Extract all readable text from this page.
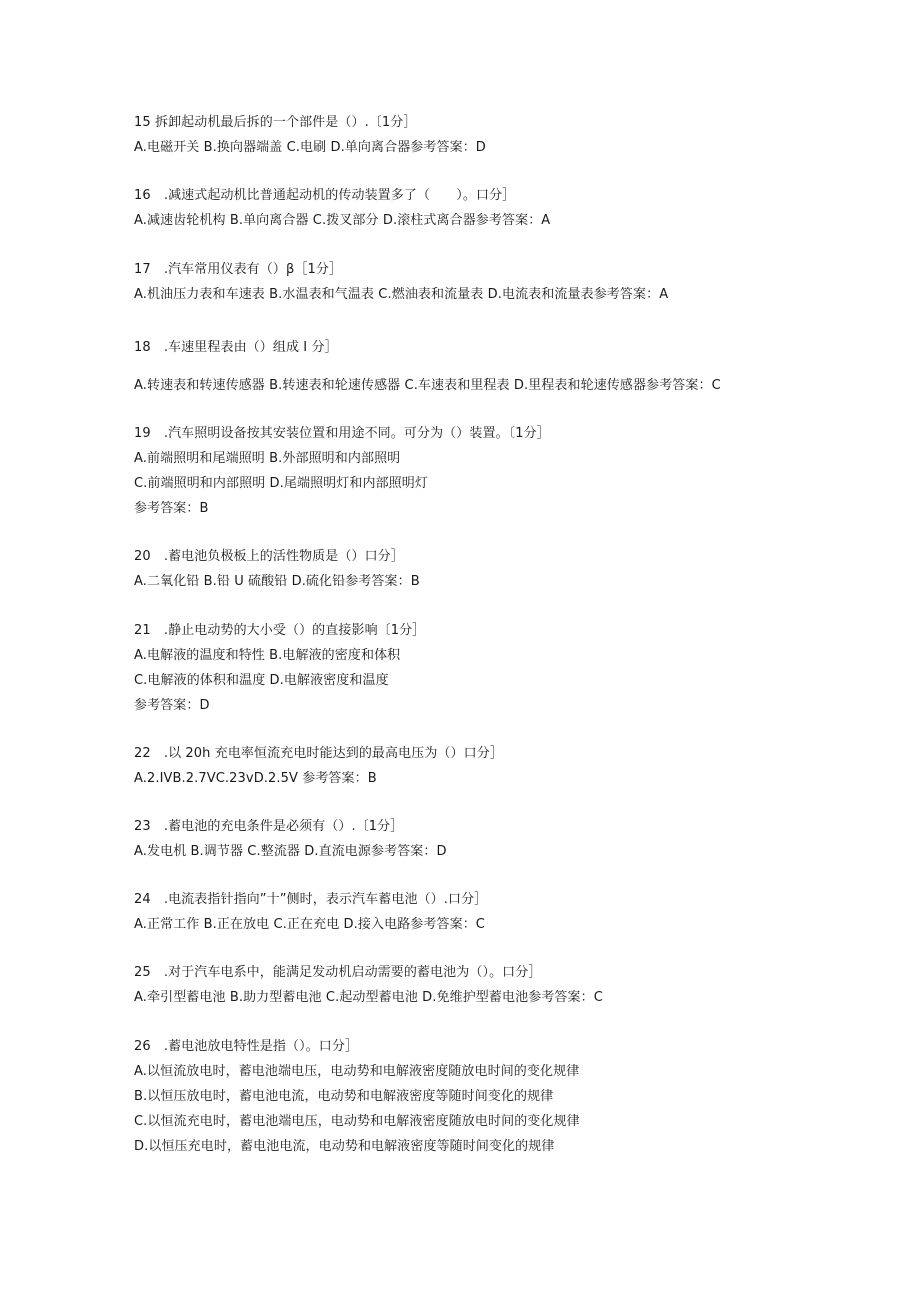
15 拆卸起动机最后拆的一个部件是（）.〔1分］
A.电磁开关 B.换向器端盖 C.电刷 D.单向离合器参考答案：D
16　.减速式起动机比普通起动机的传动装置多了（　　）。口分］
A.减速齿轮机构 B.单向离合器 C.拨叉部分 D.滚柱式离合器参考答案：A
17　.汽车常用仪表有（）β［1分］
A.机油压力表和车速表 B.水温表和气温表 C.燃油表和流量表 D.电流表和流量表参考答案：A
18　.车速里程表由（）组成 I 分］
A.转速表和转速传感器 B.转速表和轮速传感器 C.车速表和里程表 D.里程表和轮速传感器参考答案：C
19　.汽车照明设备按其安装位置和用途不同。可分为（）装置。〔1分］
A.前端照明和尾端照明 B.外部照明和内部照明
C.前端照明和内部照明 D.尾端照明灯和内部照明灯
参考答案：B
20　.蓄电池负极板上的活性物质是（）口分］
A.二氧化铅 B.铅 U 硫酸铅 D.硫化铅参考答案：B
21　.静止电动势的大小受（）的直接影响〔1分］
A.电解液的温度和特性 B.电解液的密度和体积
C.电解液的体积和温度 D.电解液密度和温度
参考答案：D
22　.以 20h 充电率恒流充电时能达到的最高电压为（）口分］
A.2.IVB.2.7VC.23vD.2.5V 参考答案：B
23　.蓄电池的充电条件是必须有（）.〔1分］
A.发电机 B.调节器 C.整流器 D.直流电源参考答案：D
24　.电流表指针指向”十”侧时，表示汽车蓄电池（）.口分］
A.正常工作 B.正在放电 C.正在充电 D.接入电路参考答案：C
25　.对于汽车电系中，能满足发动机启动需要的蓄电池为（）。口分］
A.牵引型蓄电池 B.助力型蓄电池 C.起动型蓄电池 D.免维护型蓄电池参考答案：C
26　.蓄电池放电特性是指（）。口分］
A.以恒流放电时，蓄电池端电压，电动势和电解液密度随放电时间的变化规律
B.以恒压放电时，蓄电池电流，电动势和电解液密度等随时间变化的规律
C.以恒流充电时，蓄电池端电压，电动势和电解液密度随放电时间的变化规律
D.以恒压充电时，蓄电池电流，电动势和电解液密度等随时间变化的规律
